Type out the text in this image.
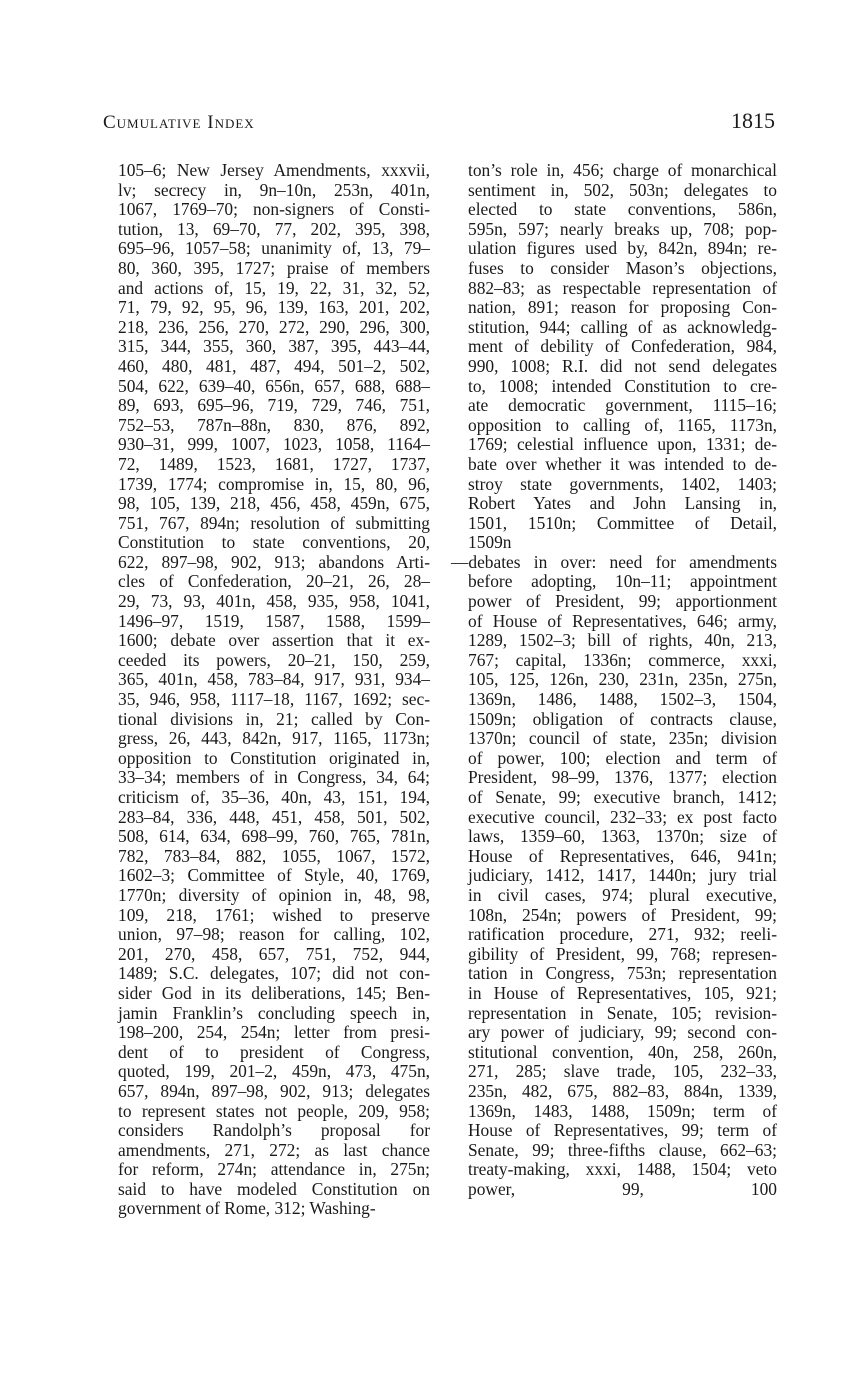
Cumulative Index	1815
105–6; New Jersey Amendments, xxxvii,
lv; secrecy in, 9n–10n, 253n, 401n,
1067, 1769–70; non-signers of Consti-
tution, 13, 69–70, 77, 202, 395, 398,
695–96, 1057–58; unanimity of, 13, 79–
80, 360, 395, 1727; praise of members
and actions of, 15, 19, 22, 31, 32, 52,
71, 79, 92, 95, 96, 139, 163, 201, 202,
218, 236, 256, 270, 272, 290, 296, 300,
315, 344, 355, 360, 387, 395, 443–44,
460, 480, 481, 487, 494, 501–2, 502,
504, 622, 639–40, 656n, 657, 688, 688–
89, 693, 695–96, 719, 729, 746, 751,
752–53, 787n–88n, 830, 876, 892,
930–31, 999, 1007, 1023, 1058, 1164–
72, 1489, 1523, 1681, 1727, 1737,
1739, 1774; compromise in, 15, 80, 96,
98, 105, 139, 218, 456, 458, 459n, 675,
751, 767, 894n; resolution of submitting
Constitution to state conventions, 20,
622, 897–98, 902, 913; abandons Arti-
cles of Confederation, 20–21, 26, 28–
29, 73, 93, 401n, 458, 935, 958, 1041,
1496–97, 1519, 1587, 1588, 1599–
1600; debate over assertion that it ex-
ceeded its powers, 20–21, 150, 259,
365, 401n, 458, 783–84, 917, 931, 934–
35, 946, 958, 1117–18, 1167, 1692; sec-
tional divisions in, 21; called by Con-
gress, 26, 443, 842n, 917, 1165, 1173n;
opposition to Constitution originated in,
33–34; members of in Congress, 34, 64;
criticism of, 35–36, 40n, 43, 151, 194,
283–84, 336, 448, 451, 458, 501, 502,
508, 614, 634, 698–99, 760, 765, 781n,
782, 783–84, 882, 1055, 1067, 1572,
1602–3; Committee of Style, 40, 1769,
1770n; diversity of opinion in, 48, 98,
109, 218, 1761; wished to preserve
union, 97–98; reason for calling, 102,
201, 270, 458, 657, 751, 752, 944,
1489; S.C. delegates, 107; did not con-
sider God in its deliberations, 145; Ben-
jamin Franklin’s concluding speech in,
198–200, 254, 254n; letter from presi-
dent of to president of Congress,
quoted, 199, 201–2, 459n, 473, 475n,
657, 894n, 897–98, 902, 913; delegates
to represent states not people, 209, 958;
considers Randolph’s proposal for
amendments, 271, 272; as last chance
for reform, 274n; attendance in, 275n;
said to have modeled Constitution on
government of Rome, 312; Washing-
ton’s role in, 456; charge of monarchical
sentiment in, 502, 503n; delegates to
elected to state conventions, 586n,
595n, 597; nearly breaks up, 708; pop-
ulation figures used by, 842n, 894n; re-
fuses to consider Mason’s objections,
882–83; as respectable representation of
nation, 891; reason for proposing Con-
stitution, 944; calling of as acknowledg-
ment of debility of Confederation, 984,
990, 1008; R.I. did not send delegates
to, 1008; intended Constitution to cre-
ate democratic government, 1115–16;
opposition to calling of, 1165, 1173n,
1769; celestial influence upon, 1331; de-
bate over whether it was intended to de-
stroy state governments, 1402, 1403;
Robert Yates and John Lansing in,
1501, 1510n; Committee of Detail,
1509n
—debates in over: need for amendments
before adopting, 10n–11; appointment
power of President, 99; apportionment
of House of Representatives, 646; army,
1289, 1502–3; bill of rights, 40n, 213,
767; capital, 1336n; commerce, xxxi,
105, 125, 126n, 230, 231n, 235n, 275n,
1369n, 1486, 1488, 1502–3, 1504,
1509n; obligation of contracts clause,
1370n; council of state, 235n; division
of power, 100; election and term of
President, 98–99, 1376, 1377; election
of Senate, 99; executive branch, 1412;
executive council, 232–33; ex post facto
laws, 1359–60, 1363, 1370n; size of
House of Representatives, 646, 941n;
judiciary, 1412, 1417, 1440n; jury trial
in civil cases, 974; plural executive,
108n, 254n; powers of President, 99;
ratification procedure, 271, 932; reeli-
gibility of President, 99, 768; represen-
tation in Congress, 753n; representation
in House of Representatives, 105, 921;
representation in Senate, 105; revision-
ary power of judiciary, 99; second con-
stitutional convention, 40n, 258, 260n,
271, 285; slave trade, 105, 232–33,
235n, 482, 675, 882–83, 884n, 1339,
1369n, 1483, 1488, 1509n; term of
House of Representatives, 99; term of
Senate, 99; three-fifths clause, 662–63;
treaty-making, xxxi, 1488, 1504; veto
power, 99, 100
